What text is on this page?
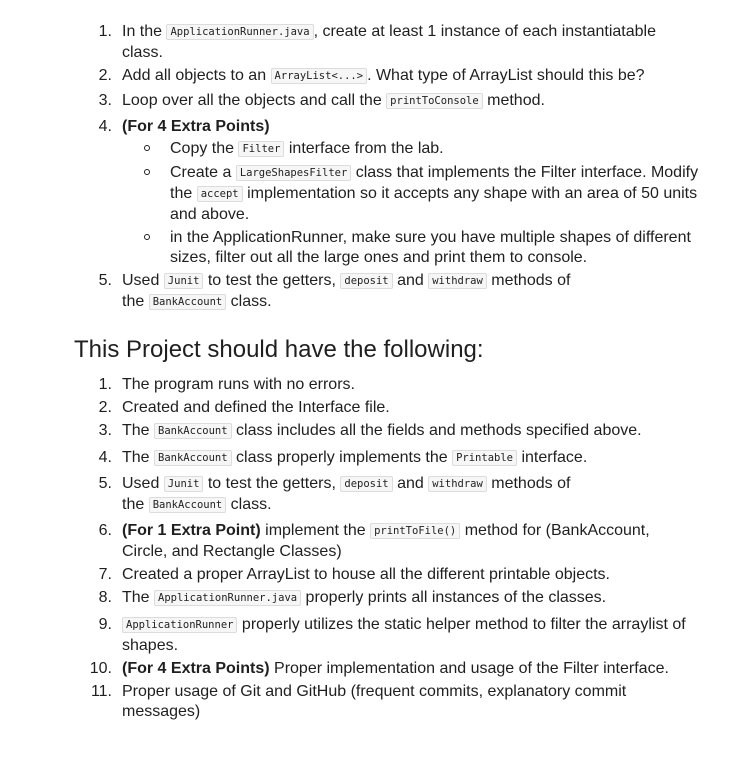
1. In the ApplicationRunner.java , create at least 1 instance of each instantiatable class.
2. Add all objects to an ArrayList<...> . What type of ArrayList should this be?
3. Loop over all the objects and call the printToConsole method.
4. (For 4 Extra Points)
Copy the Filter interface from the lab.
Create a LargeShapesFilter class that implements the Filter interface. Modify the accept implementation so it accepts any shape with an area of 50 units and above.
in the ApplicationRunner, make sure you have multiple shapes of different sizes, filter out all the large ones and print them to console.
5. Used Junit to test the getters, deposit and withdraw methods of the BankAccount class.
This Project should have the following:
1. The program runs with no errors.
2. Created and defined the Interface file.
3. The BankAccount class includes all the fields and methods specified above.
4. The BankAccount class properly implements the Printable interface.
5. Used Junit to test the getters, deposit and withdraw methods of the BankAccount class.
6. (For 1 Extra Point) implement the printToFile() method for (BankAccount, Circle, and Rectangle Classes)
7. Created a proper ArrayList to house all the different printable objects.
8. The ApplicationRunner.java properly prints all instances of the classes.
9.	ApplicationRunner properly utilizes the static helper method to filter the arraylist of shapes.
10. (For 4 Extra Points) Proper implementation and usage of the Filter interface.
11. Proper usage of Git and GitHub (frequent commits, explanatory commit messages)
